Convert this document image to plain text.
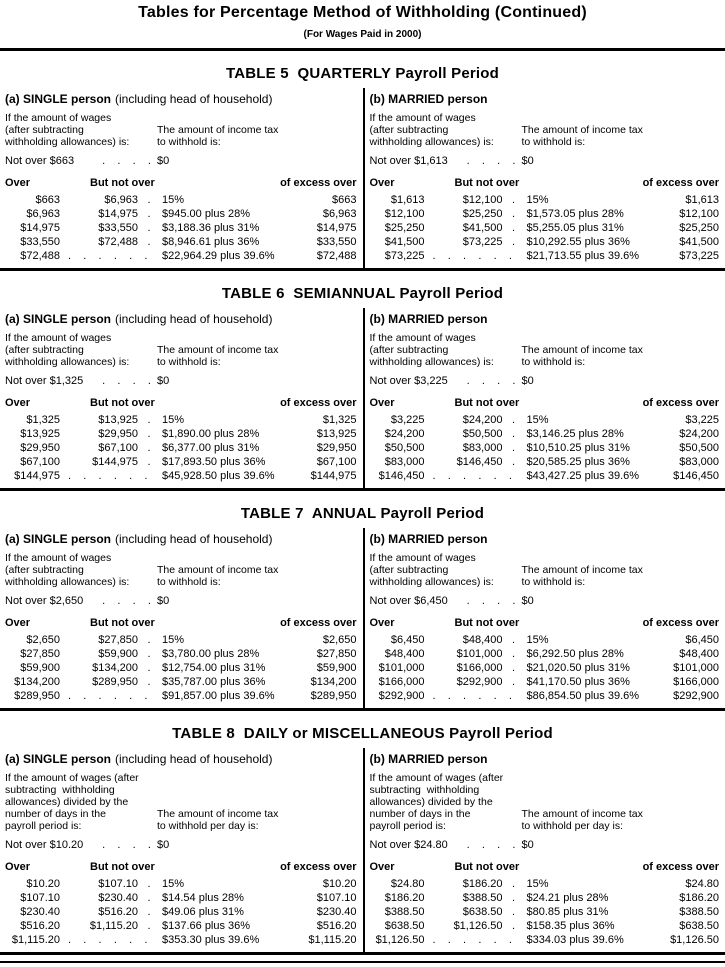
Tables for Percentage Method of Withholding (Continued)
(For Wages Paid in 2000)
TABLE 5  QUARTERLY Payroll Period
(a) SINGLE person (including head of household)
If the amount of wages
(after subtracting
withholding allowances) is:
The amount of income tax
to withhold is:
Not over $663	.    .    .    . $0
Over	But not over	of excess over
$663	$6,963 .	15%	$663
$6,963	$14,975 .	$945.00 plus 28%	$6,963
$14,975	$33,550 .	$3,188.36 plus 31%	$14,975
$33,550	$72,488 .	$8,946.61 plus 36%	$33,550
$72,488 .    .    .    .    .    .	$22,964.29 plus 39.6%	$72,488
(b) MARRIED person
If the amount of wages
(after subtracting
withholding allowances) is:
The amount of income tax
to withhold is:
Not over $1,613 .    .    .    . $0
Over	But not over	of excess over
$1,613	$12,100 .	15%	$1,613
$12,100	$25,250 .	$1,573.05 plus 28%	$12,100
$25,250	$41,500 .	$5,255.05 plus 31%	$25,250
$41,500	$73,225 .	$10,292.55 plus 36%	$41,500
$73,225 .    .    .    .    .    .	$21,713.55 plus 39.6%	$73,225
TABLE 6  SEMIANNUAL Payroll Period
(a) SINGLE person (including head of household)
If the amount of wages
(after subtracting
withholding allowances) is:
The amount of income tax
to withhold is:
Not over $1,325 .    .    .    . $0
Over	But not over	of excess over
$1,325	$13,925 .	15%	$1,325
$13,925	$29,950 .	$1,890.00 plus 28%	$13,925
$29,950	$67,100 .	$6,377.00 plus 31%	$29,950
$67,100	$144,975 .	$17,893.50 plus 36%	$67,100
$144,975 .    .    .    .    .    .	$45,928.50 plus 39.6%	$144,975
(b) MARRIED person
If the amount of wages
(after subtracting
withholding allowances) is:
The amount of income tax
to withhold is:
Not over $3,225 .    .    .    . $0
Over	But not over	of excess over
$3,225	$24,200 .	15%	$3,225
$24,200	$50,500 .	$3,146.25 plus 28%	$24,200
$50,500	$83,000 .	$10,510.25 plus 31%	$50,500
$83,000	$146,450 .	$20,585.25 plus 36%	$83,000
$146,450 .    .    .    .    .    .	$43,427.25 plus 39.6%	$146,450
TABLE 7  ANNUAL Payroll Period
(a) SINGLE person (including head of household)
If the amount of wages
(after subtracting
withholding allowances) is:
The amount of income tax
to withhold is:
Not over $2,650 .    .    .    . $0
Over	But not over	of excess over
$2,650	$27,850 .	15%	$2,650
$27,850	$59,900 .	$3,780.00 plus 28%	$27,850
$59,900	$134,200 .	$12,754.00 plus 31%	$59,900
$134,200	$289,950 .	$35,787.00 plus 36%	$134,200
$289,950 .    .    .    .    .    .	$91,857.00 plus 39.6%	$289,950
(b) MARRIED person
If the amount of wages
(after subtracting
withholding allowances) is:
The amount of income tax
to withhold is:
Not over $6,450 .    .    .    . $0
Over	But not over	of excess over
$6,450	$48,400 .	15%	$6,450
$48,400	$101,000 .	$6,292.50 plus 28%	$48,400
$101,000	$166,000 .	$21,020.50 plus 31%	$101,000
$166,000	$292,900 .	$41,170.50 plus 36%	$166,000
$292,900 .    .    .    .    .    .	$86,854.50 plus 39.6%	$292,900
TABLE 8  DAILY or MISCELLANEOUS Payroll Period
(a) SINGLE person (including head of household)
If the amount of wages (after
subtracting  withholding
allowances) divided by the
number of days in the
payroll period is:
The amount of income tax
to withhold per day is:
Not over $10.20 .    .    .    . $0
Over	But not over	of excess over
$10.20	$107.10 .	15%	$10.20
$107.10	$230.40 .	$14.54 plus 28%	$107.10
$230.40	$516.20 .	$49.06 plus 31%	$230.40
$516.20	$1,115.20 .	$137.66 plus 36%	$516.20
$1,115.20 .    .    .    .    .    .	$353.30 plus 39.6%	$1,115.20
(b) MARRIED person
If the amount of wages (after
subtracting  withholding
allowances) divided by the
number of days in the
payroll period is:
The amount of income tax
to withhold per day is:
Not over $24.80 .    .    .    . $0
Over	But not over	of excess over
$24.80	$186.20 .	15%	$24.80
$186.20	$388.50 .	$24.21 plus 28%	$186.20
$388.50	$638.50 .	$80.85 plus 31%	$388.50
$638.50	$1,126.50 .	$158.35 plus 36%	$638.50
$1,126.50 .    .    .    .    .    .	$334.03 plus 39.6%	$1,126.50
